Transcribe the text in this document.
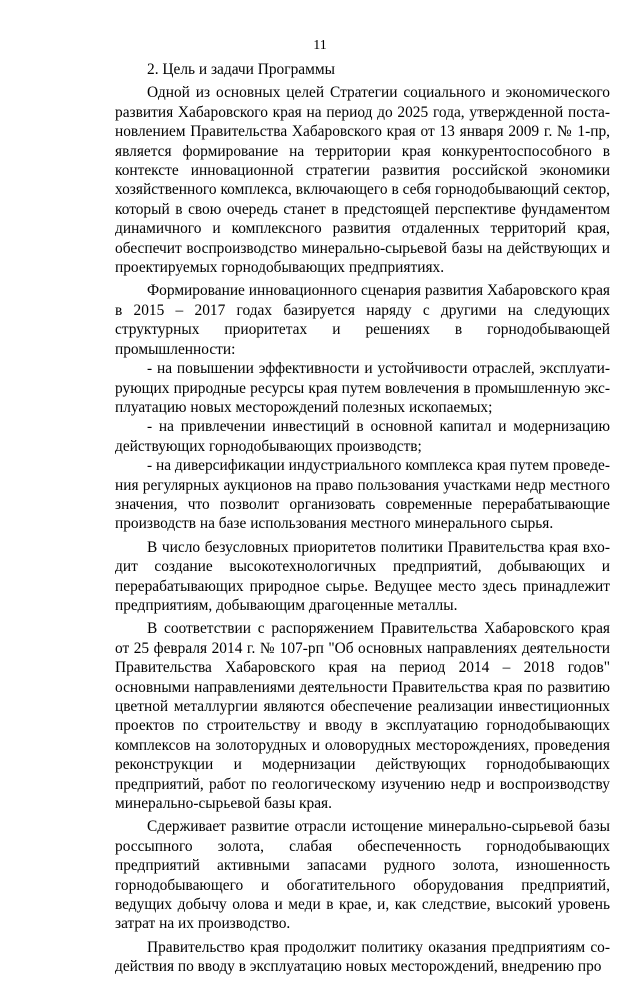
11

2. Цель и задачи Программы

Одной из основных целей Стратегии социального и экономического развития Хабаровского края на период до 2025 года, утвержденной постановлением Правительства Хабаровского края от 13 января 2009 г. № 1-пр, является формирование на территории края конкурентоспособного в контексте инновационной стратегии развития российской экономики хозяйственного комплекса, включающего в себя горнодобывающий сектор, который в свою очередь станет в предстоящей перспективе фундаментом динамичного и комплексного развития отдаленных территорий края, обеспечит воспроизводство минерально-сырьевой базы на действующих и проектируемых горнодобывающих предприятиях.

Формирование инновационного сценария развития Хабаровского края в 2015 – 2017 годах базируется наряду с другими на следующих структурных приоритетах и решениях в горнодобывающей промышленности:

- на повышении эффективности и устойчивости отраслей, эксплуатирующих природные ресурсы края путем вовлечения в промышленную эксплуатацию новых месторождений полезных ископаемых;

- на привлечении инвестиций в основной капитал и модернизацию действующих горнодобывающих производств;

- на диверсификации индустриального комплекса края путем проведения регулярных аукционов на право пользования участками недр местного значения, что позволит организовать современные перерабатывающие производств на базе использования местного минерального сырья.

В число безусловных приоритетов политики Правительства края входит создание высокотехнологичных предприятий, добывающих и перерабатывающих природное сырье. Ведущее место здесь принадлежит предприятиям, добывающим драгоценные металлы.

В соответствии с распоряжением Правительства Хабаровского края от 25 февраля 2014 г. № 107-рп "Об основных направлениях деятельности Правительства Хабаровского края на период 2014 – 2018 годов" основными направлениями деятельности Правительства края по развитию цветной металлургии являются обеспечение реализации инвестиционных проектов по строительству и вводу в эксплуатацию горнодобывающих комплексов на золоторудных и оловорудных месторождениях, проведения реконструкции и модернизации действующих горнодобывающих предприятий, работ по геологическому изучению недр и воспроизводству минерально-сырьевой базы края.

Сдерживает развитие отрасли истощение минерально-сырьевой базы россыпного золота, слабая обеспеченность горнодобывающих предприятий активными запасами рудного золота, изношенность горнодобывающего и обогатительного оборудования предприятий, ведущих добычу олова и меди в крае, и, как следствие, высокий уровень затрат на их производство.

Правительство края продолжит политику оказания предприятиям содействия по вводу в эксплуатацию новых месторождений, внедрению про
